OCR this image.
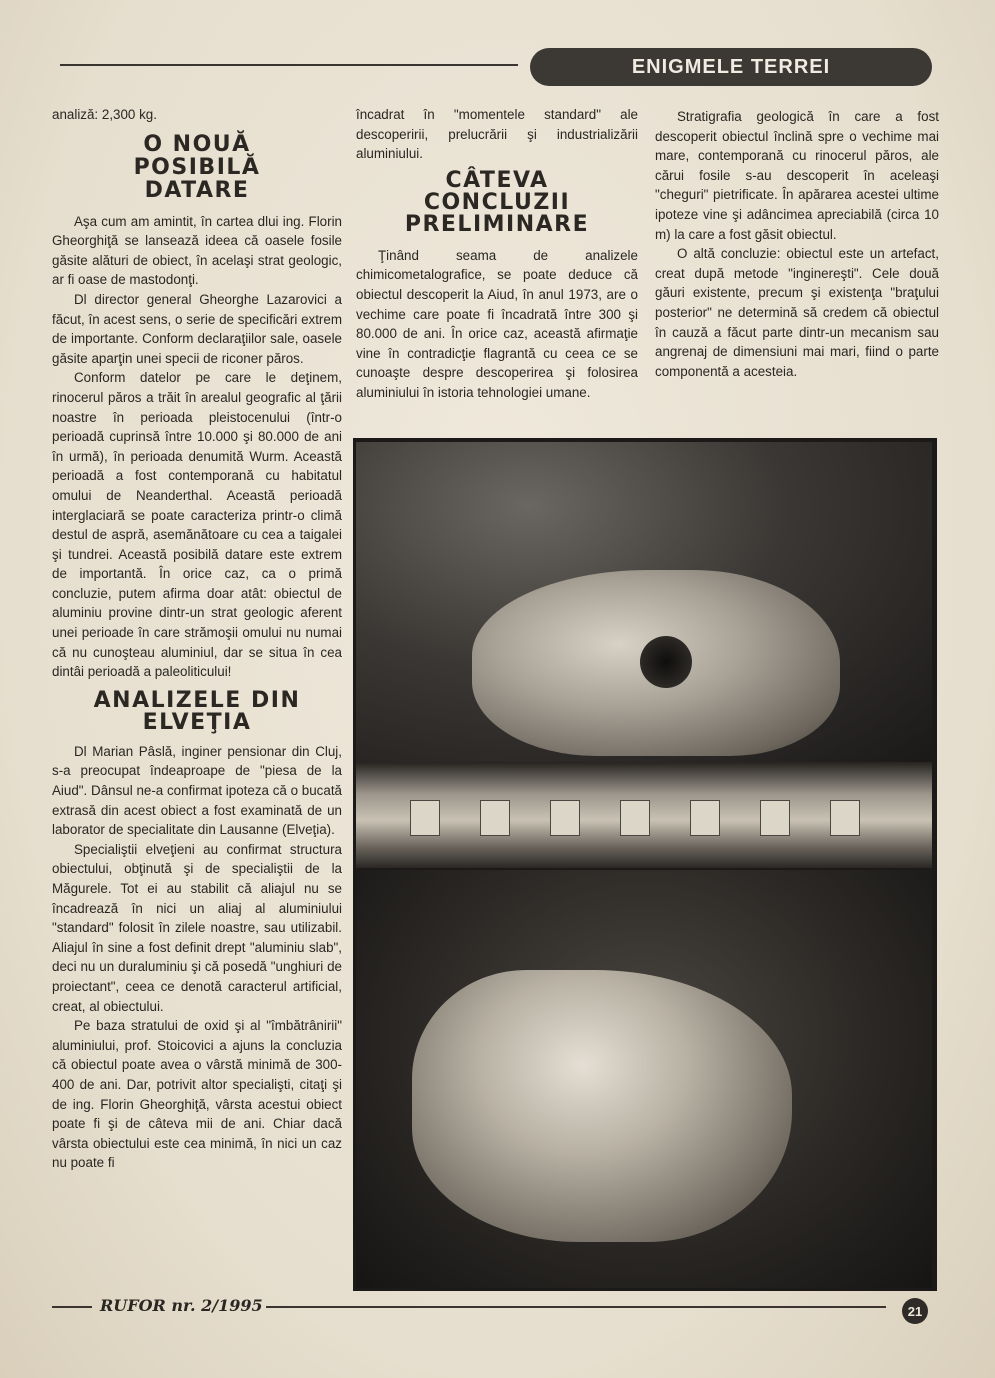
ENIGMELE TERREI

analiză: 2,300 kg.

O NOUĂ

POSIBILĂ

DATARE

Aşa cum am amintit, în cartea dlui ing. Florin Gheorghiţă se lansează ideea că oasele fosile găsite alături de obiect, în acelaşi strat geologic, ar fi oase de mastodonţi.

Dl director general Gheorghe Lazarovici a făcut, în acest sens, o serie de specificări extrem de importante. Conform declaraţiilor sale, oasele găsite aparţin unei specii de riconer păros.

Conform datelor pe care le deţinem, rinocerul păros a trăit în arealul geografic al ţării noastre în perioada pleistocenului (într-o perioadă cuprinsă între 10.000 şi 80.000 de ani în urmă), în perioada denumită Wurm. Această perioadă a fost contemporană cu habitatul omului de Neanderthal. Această perioadă interglaciară se poate caracteriza printr-o climă destul de aspră, asemănătoare cu cea a taigalei şi tundrei. Această posibilă datare este extrem de importantă. În orice caz, ca o primă concluzie, putem afirma doar atât: obiectul de aluminiu provine dintr-un strat geologic aferent unei perioade în care strămoşii omului nu numai că nu cunoşteau aluminiul, dar se situa în cea dintâi perioadă a paleoliticului!

ANALIZELE DIN

ELVEŢIA

Dl Marian Pâslă, inginer pensionar din Cluj, s-a preocupat îndeaproape de "piesa de la Aiud". Dânsul ne-a confirmat ipoteza că o bucată extrasă din acest obiect a fost examinată de un laborator de specialitate din Lausanne (Elveţia).

Specialiştii elveţieni au confirmat structura obiectului, obţinută şi de specialiştii de la Măgurele. Tot ei au stabilit că aliajul nu se încadrează în nici un aliaj al aluminiului "standard" folosit în zilele noastre, sau utilizabil. Aliajul în sine a fost definit drept "aluminiu slab", deci nu un duraluminiu şi că posedă "unghiuri de proiectant", ceea ce denotă caracterul artificial, creat, al obiectului.

Pe baza stratului de oxid şi al "îmbătrânirii" aluminiului, prof. Stoicovici a ajuns la concluzia că obiectul poate avea o vârstă minimă de 300-400 de ani. Dar, potrivit altor specialişti, citaţi şi de ing. Florin Gheorghiţă, vârsta acestui obiect poate fi şi de câteva mii de ani. Chiar dacă vârsta obiectului este cea minimă, în nici un caz nu poate fi

încadrat în "momentele standard" ale descoperirii, prelucrării şi industrializării aluminiului.

CÂTEVA

CONCLUZII

PRELIMINARE

Ţinând seama de analizele chimicometalografice, se poate deduce că obiectul descoperit la Aiud, în anul 1973, are o vechime care poate fi încadrată între 300 şi 80.000 de ani. În orice caz, această afirmaţie vine în contradicţie flagrantă cu ceea ce se cunoaşte despre descoperirea şi folosirea aluminiului în istoria tehnologiei umane.

Stratigrafia geologică în care a fost descoperit obiectul înclină spre o vechime mai mare, contemporană cu rinocerul păros, ale cărui fosile s-au descoperit în aceleaşi "cheguri" pietrificate. În apărarea acestei ultime ipoteze vine şi adâncimea apreciabilă (circa 10 m) la care a fost găsit obiectul.

O altă concluzie: obiectul este un artefact, creat după metode "inginereşti". Cele două găuri existente, precum şi existenţa "braţului posterior" ne determină să credem că obiectul în cauză a făcut parte dintr-un mecanism sau angrenaj de dimensiuni mai mari, fiind o parte componentă a acesteia.

RUFOR nr. 2/1995	21
